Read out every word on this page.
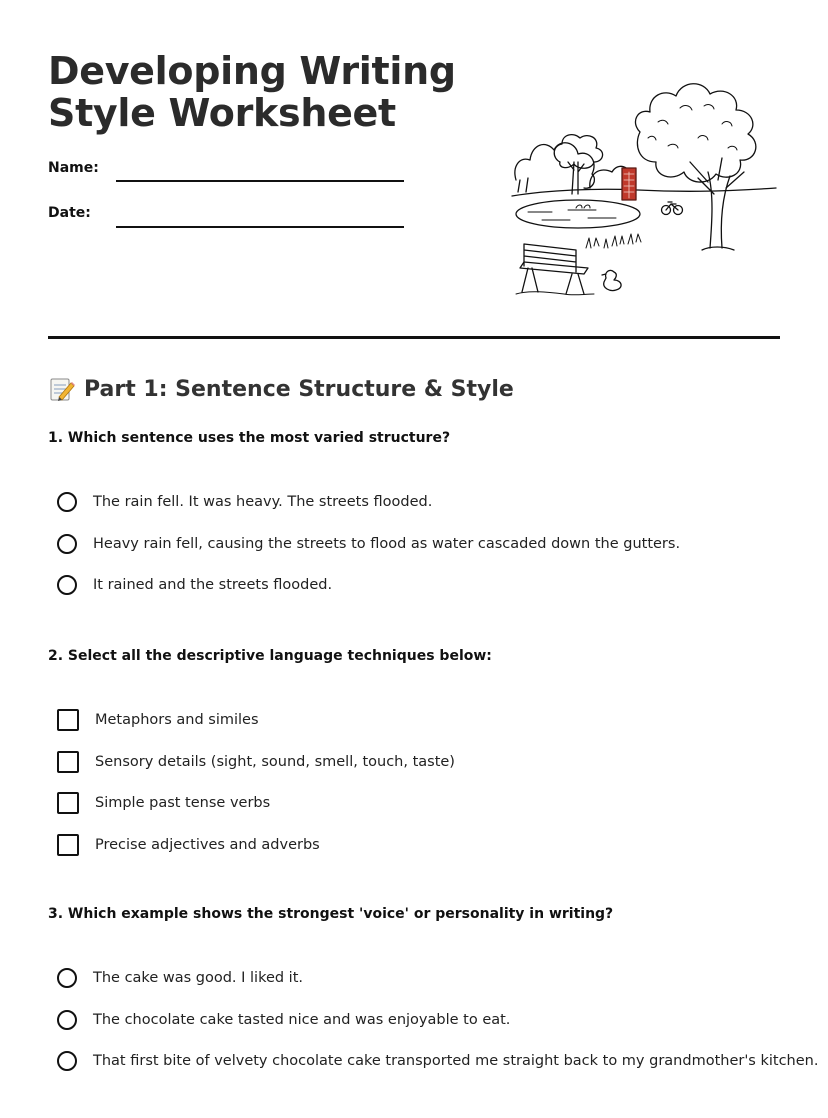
Developing Writing
Style Worksheet
Name:
Date:
Part 1: Sentence Structure & Style

1. Which sentence uses the most varied structure?

The rain fell. It was heavy. The streets flooded.
Heavy rain fell, causing the streets to flood as water cascaded down the gutters.
It rained and the streets flooded.

2. Select all the descriptive language techniques below:

Metaphors and similes
Sensory details (sight, sound, smell, touch, taste)
Simple past tense verbs
Precise adjectives and adverbs

3. Which example shows the strongest 'voice' or personality in writing?

The cake was good. I liked it.
The chocolate cake tasted nice and was enjoyable to eat.
That first bite of velvety chocolate cake transported me straight back to my grandmother's kitchen.
